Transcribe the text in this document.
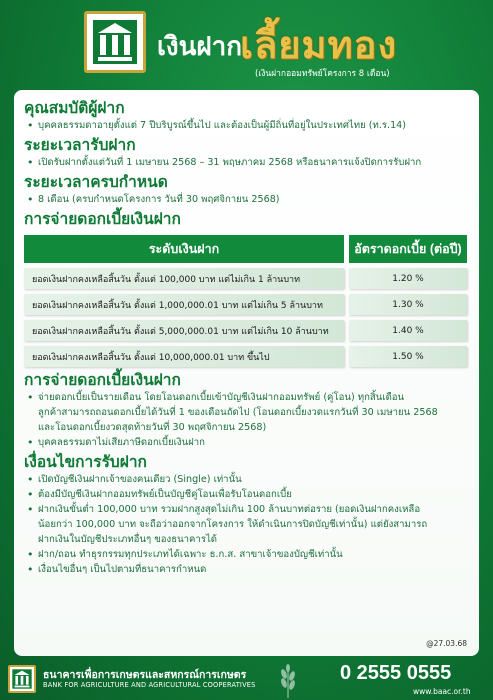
เงินฝาก
เลี้ยมทอง
(เงินฝากออมทรัพย์โครงการ 8 เดือน)
คุณสมบัติผู้ฝาก
• บุคคลธรรมดาอายุตั้งแต่ 7 ปีบริบูรณ์ขึ้นไป และต้องเป็นผู้มีถิ่นที่อยู่ในประเทศไทย (ท.ร.14)
ระยะเวลารับฝาก
• เปิดรับฝากตั้งแต่วันที่ 1 เมษายน 2568 – 31 พฤษภาคม 2568 หรือธนาคารแจ้งปิดการรับฝาก
ระยะเวลาครบกำหนด
• 8 เดือน (ครบกำหนดโครงการ วันที่ 30 พฤศจิกายน 2568)
การจ่ายดอกเบี้ยเงินฝาก
ระดับเงินฝาก	อัตราดอกเบี้ย (ต่อปี)
ยอดเงินฝากคงเหลือสิ้นวัน ตั้งแต่ 100,000 บาท แต่ไม่เกิน 1 ล้านบาท	1.20 %
ยอดเงินฝากคงเหลือสิ้นวัน ตั้งแต่ 1,000,000.01 บาท แต่ไม่เกิน 5 ล้านบาท	1.30 %
ยอดเงินฝากคงเหลือสิ้นวัน ตั้งแต่ 5,000,000.01 บาท แต่ไม่เกิน 10 ล้านบาท	1.40 %
ยอดเงินฝากคงเหลือสิ้นวัน ตั้งแต่ 10,000,000.01 บาท ขึ้นไป	1.50 %
การจ่ายดอกเบี้ยเงินฝาก
• จ่ายดอกเบี้ยเป็นรายเดือน โดยโอนดอกเบี้ยเข้าบัญชีเงินฝากออมทรัพย์ (คู่โอน) ทุกสิ้นเดือน
ลูกค้าสามารถถอนดอกเบี้ยได้วันที่ 1 ของเดือนถัดไป (โอนดอกเบี้ยงวดแรกวันที่ 30 เมษายน 2568
และโอนดอกเบี้ยงวดสุดท้ายวันที่ 30 พฤศจิกายน 2568)
• บุคคลธรรมดาไม่เสียภาษีดอกเบี้ยเงินฝาก
เงื่อนไขการรับฝาก
• เปิดบัญชีเงินฝากเจ้าของคนเดียว (Single) เท่านั้น
• ต้องมีบัญชีเงินฝากออมทรัพย์เป็นบัญชีคู่โอนเพื่อรับโอนดอกเบี้ย
• ฝากเงินขั้นต่ำ 100,000 บาท รวมฝากสูงสุดไม่เกิน 100 ล้านบาทต่อราย (ยอดเงินฝากคงเหลือ
น้อยกว่า 100,000 บาท จะถือว่าออกจากโครงการ ให้ดำเนินการปิดบัญชีเท่านั้น) แต่ยังสามารถ
ฝากเงินในบัญชีประเภทอื่นๆ ของธนาคารได้
• ฝาก/ถอน ทำธุรกรรมทุกประเภทได้เฉพาะ ธ.ก.ส. สาขาเจ้าของบัญชีเท่านั้น
• เงื่อนไขอื่นๆ เป็นไปตามที่ธนาคารกำหนด
@27.03.68
ธนาคารเพื่อการเกษตรและสหกรณ์การเกษตร
BANK FOR AGRICULTURE AND AGRICULTURAL COOPERATIVES
0 2555 0555
www.baac.or.th
